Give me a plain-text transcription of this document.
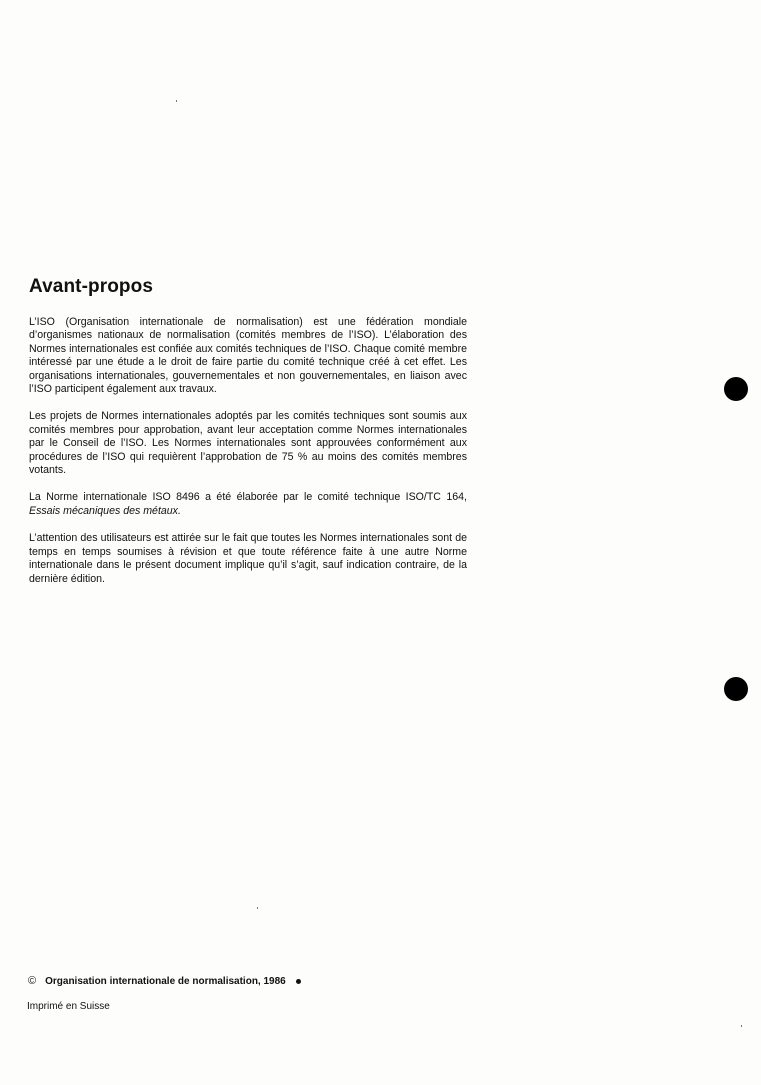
Avant-propos

L’ISO (Organisation internationale de normalisation) est une fédération mondiale d’organismes nationaux de normalisation (comités membres de l’ISO). L’élaboration des Normes internationales est confiée aux comités techniques de l’ISO. Chaque comité membre intéressé par une étude a le droit de faire partie du comité technique créé à cet effet. Les organisations internationales, gouvernementales et non gouvernementales, en liaison avec l’ISO participent également aux travaux.

Les projets de Normes internationales adoptés par les comités techniques sont soumis aux comités membres pour approbation, avant leur acceptation comme Normes internationales par le Conseil de l’ISO. Les Normes internationales sont approuvées conformément aux procédures de l’ISO qui requièrent l’approbation de 75 % au moins des comités membres votants.

La Norme internationale ISO 8496 a été élaborée par le comité technique ISO/TC 164, Essais mécaniques des métaux.

L’attention des utilisateurs est attirée sur le fait que toutes les Normes internationales sont de temps en temps soumises à révision et que toute référence faite à une autre Norme internationale dans le présent document implique qu’il s’agit, sauf indication contraire, de la dernière édition.

© Organisation internationale de normalisation, 1986
Imprimé en Suisse
